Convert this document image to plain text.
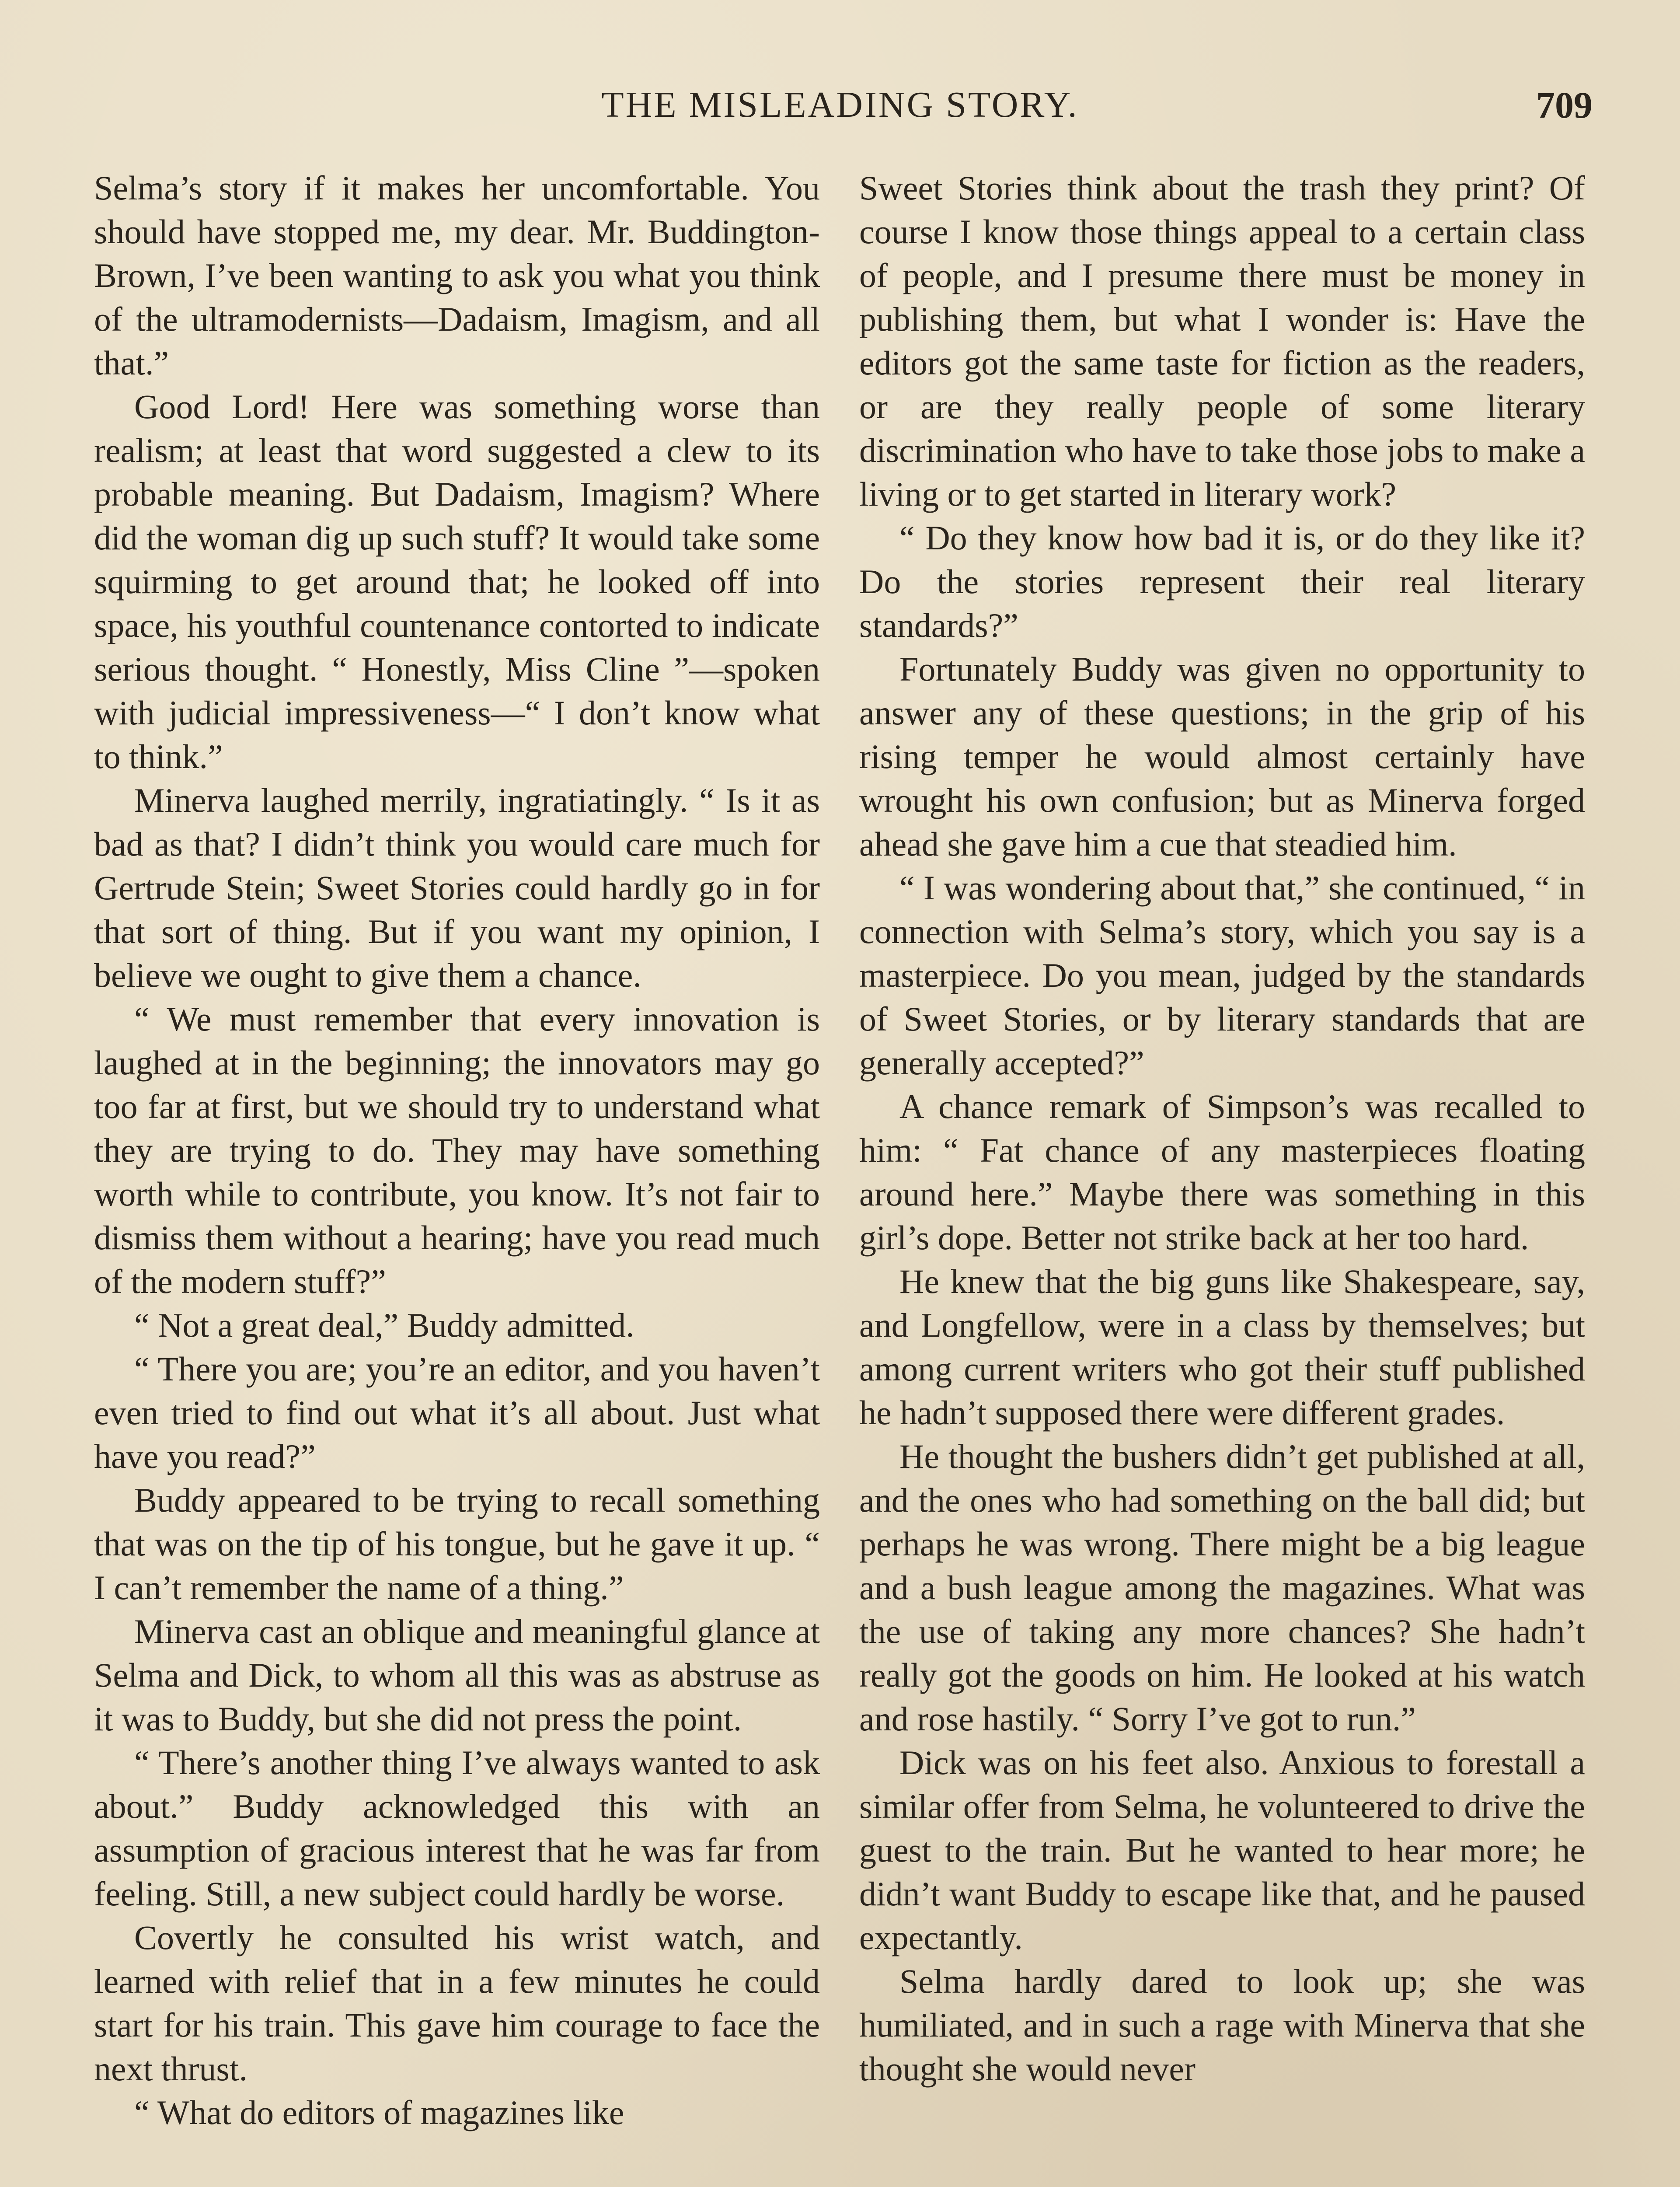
THE MISLEADING STORY.	709

Selma’s story if it makes her uncomfortable. You should have stopped me, my dear. Mr. Buddington-Brown, I’ve been wanting to ask you what you think of the ultramodernists—Dadaism, Imagism, and all that.”

Good Lord! Here was something worse than realism; at least that word suggested a clew to its probable meaning. But Dadaism, Imagism? Where did the woman dig up such stuff? It would take some squirming to get around that; he looked off into space, his youthful countenance contorted to indicate serious thought. “ Honestly, Miss Cline ”—spoken with judicial impressiveness—“ I don’t know what to think.”

Minerva laughed merrily, ingratiatingly. “ Is it as bad as that? I didn’t think you would care much for Gertrude Stein; Sweet Stories could hardly go in for that sort of thing. But if you want my opinion, I believe we ought to give them a chance.

“ We must remember that every innovation is laughed at in the beginning; the innovators may go too far at first, but we should try to understand what they are trying to do. They may have something worth while to contribute, you know. It’s not fair to dismiss them without a hearing; have you read much of the modern stuff?”

“ Not a great deal,” Buddy admitted.

“ There you are; you’re an editor, and you haven’t even tried to find out what it’s all about. Just what have you read?”

Buddy appeared to be trying to recall something that was on the tip of his tongue, but he gave it up. “ I can’t remember the name of a thing.”

Minerva cast an oblique and meaningful glance at Selma and Dick, to whom all this was as abstruse as it was to Buddy, but she did not press the point.

“ There’s another thing I’ve always wanted to ask about.” Buddy acknowledged this with an assumption of gracious interest that he was far from feeling. Still, a new subject could hardly be worse.

Covertly he consulted his wrist watch, and learned with relief that in a few minutes he could start for his train. This gave him courage to face the next thrust.

“ What do editors of magazines like

Sweet Stories think about the trash they print? Of course I know those things appeal to a certain class of people, and I presume there must be money in publishing them, but what I wonder is: Have the editors got the same taste for fiction as the readers, or are they really people of some literary discrimination who have to take those jobs to make a living or to get started in literary work?

“ Do they know how bad it is, or do they like it? Do the stories represent their real literary standards?”

Fortunately Buddy was given no opportunity to answer any of these questions; in the grip of his rising temper he would almost certainly have wrought his own confusion; but as Minerva forged ahead she gave him a cue that steadied him.

“ I was wondering about that,” she continued, “ in connection with Selma’s story, which you say is a masterpiece. Do you mean, judged by the standards of Sweet Stories, or by literary standards that are generally accepted?”

A chance remark of Simpson’s was recalled to him: “ Fat chance of any masterpieces floating around here.” Maybe there was something in this girl’s dope. Better not strike back at her too hard.

He knew that the big guns like Shakespeare, say, and Longfellow, were in a class by themselves; but among current writers who got their stuff published he hadn’t supposed there were different grades.

He thought the bushers didn’t get published at all, and the ones who had something on the ball did; but perhaps he was wrong. There might be a big league and a bush league among the magazines. What was the use of taking any more chances? She hadn’t really got the goods on him. He looked at his watch and rose hastily. “ Sorry I’ve got to run.”

Dick was on his feet also. Anxious to forestall a similar offer from Selma, he volunteered to drive the guest to the train. But he wanted to hear more; he didn’t want Buddy to escape like that, and he paused expectantly.

Selma hardly dared to look up; she was humiliated, and in such a rage with Minerva that she thought she would never
